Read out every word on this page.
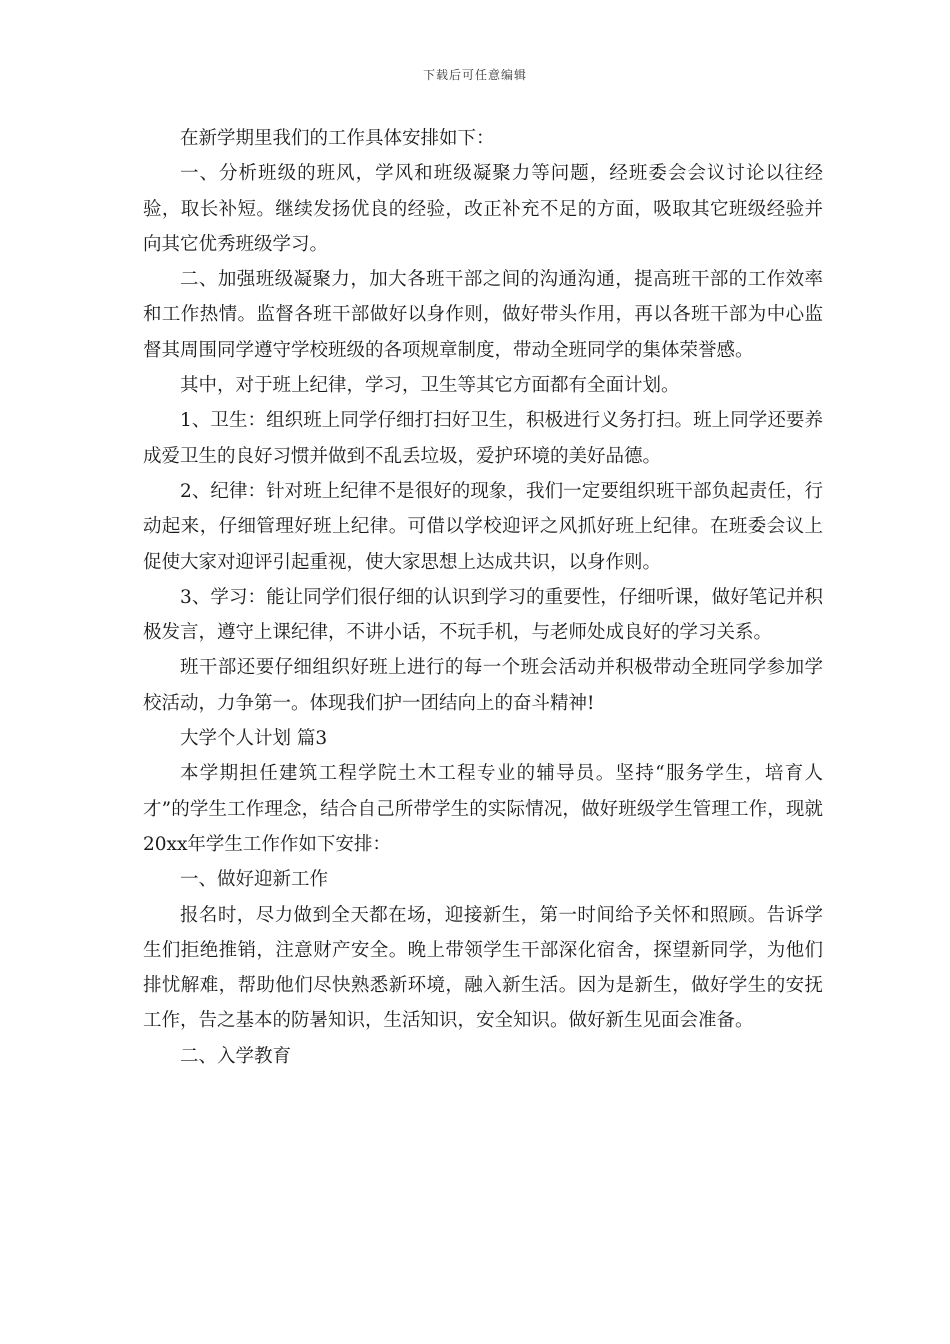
下载后可任意编辑

在新学期里我们的工作具体安排如下：

一、分析班级的班风，学风和班级凝聚力等问题，经班委会会议讨论以往经验，取长补短。继续发扬优良的经验，改正补充不足的方面，吸取其它班级经验并向其它优秀班级学习。

二、加强班级凝聚力，加大各班干部之间的沟通沟通，提高班干部的工作效率和工作热情。监督各班干部做好以身作则，做好带头作用，再以各班干部为中心监督其周围同学遵守学校班级的各项规章制度，带动全班同学的集体荣誉感。

其中，对于班上纪律，学习，卫生等其它方面都有全面计划。

1、卫生：组织班上同学仔细打扫好卫生，积极进行义务打扫。班上同学还要养成爱卫生的良好习惯并做到不乱丢垃圾，爱护环境的美好品德。

2、纪律：针对班上纪律不是很好的现象，我们一定要组织班干部负起责任，行动起来，仔细管理好班上纪律。可借以学校迎评之风抓好班上纪律。在班委会议上促使大家对迎评引起重视，使大家思想上达成共识，以身作则。

3、学习：能让同学们很仔细的认识到学习的重要性，仔细听课，做好笔记并积极发言，遵守上课纪律，不讲小话，不玩手机，与老师处成良好的学习关系。

班干部还要仔细组织好班上进行的每一个班会活动并积极带动全班同学参加学校活动，力争第一。体现我们护一团结向上的奋斗精神!

大学个人计划 篇3

本学期担任建筑工程学院土木工程专业的辅导员。坚持“服务学生，培育人才”的学生工作理念，结合自己所带学生的实际情况，做好班级学生管理工作，现就20xx年学生工作作如下安排：

一、做好迎新工作

报名时，尽力做到全天都在场，迎接新生，第一时间给予关怀和照顾。告诉学生们拒绝推销，注意财产安全。晚上带领学生干部深化宿舍，探望新同学，为他们排忧解难，帮助他们尽快熟悉新环境，融入新生活。因为是新生，做好学生的安抚工作，告之基本的防暑知识，生活知识，安全知识。做好新生见面会准备。

二、入学教育
